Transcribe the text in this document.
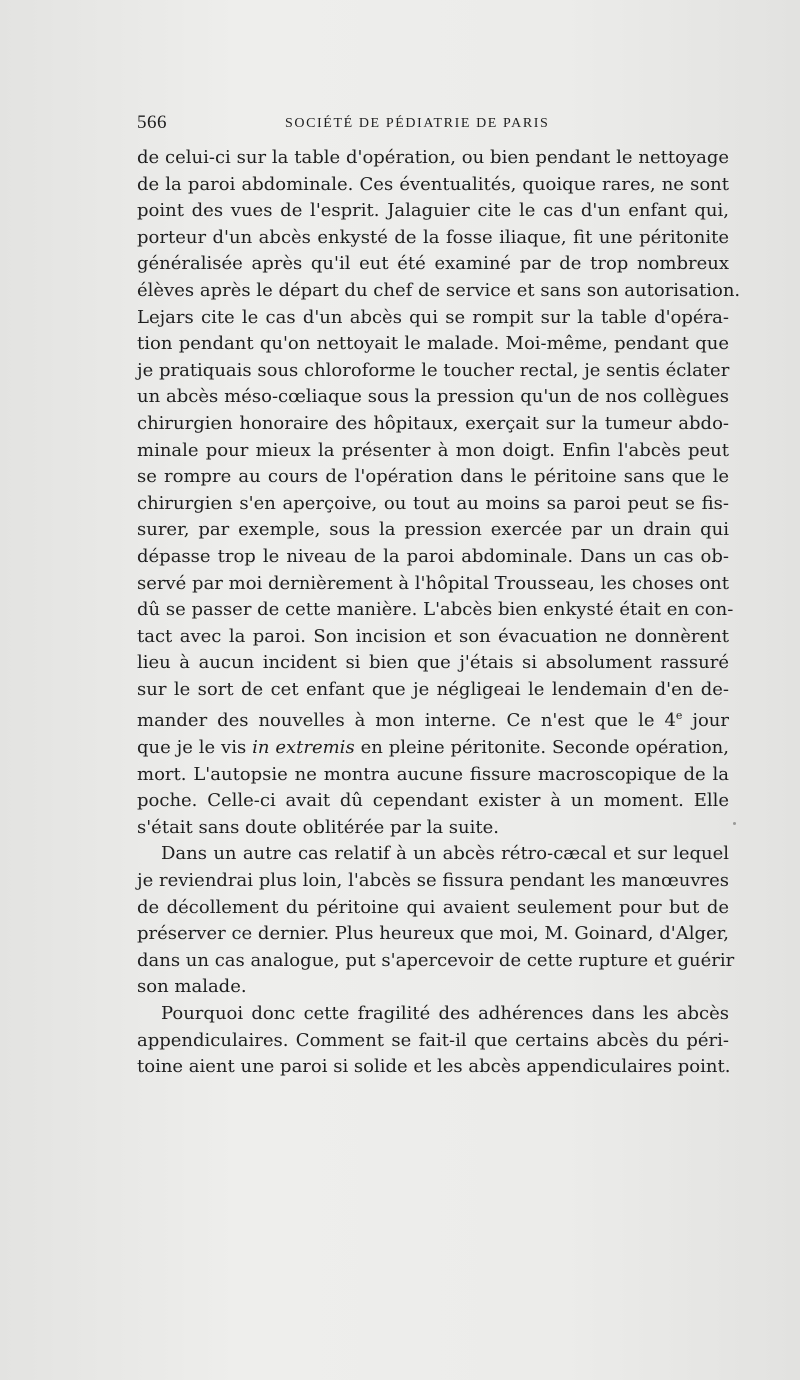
566	SOCIÉTÉ DE PÉDIATRIE DE PARIS

de celui-ci sur la table d'opération, ou bien pendant le nettoyage
de la paroi abdominale. Ces éventualités, quoique rares, ne sont
point des vues de l'esprit. Jalaguier cite le cas d'un enfant qui,
porteur d'un abcès enkysté de la fosse iliaque, fit une péritonite
généralisée après qu'il eut été examiné par de trop nombreux
élèves après le départ du chef de service et sans son autorisation.
Lejars cite le cas d'un abcès qui se rompit sur la table d'opéra-
tion pendant qu'on nettoyait le malade. Moi-même, pendant que
je pratiquais sous chloroforme le toucher rectal, je sentis éclater
un abcès méso-cœliaque sous la pression qu'un de nos collègues
chirurgien honoraire des hôpitaux, exerçait sur la tumeur abdo-
minale pour mieux la présenter à mon doigt. Enfin l'abcès peut
se rompre au cours de l'opération dans le péritoine sans que le
chirurgien s'en aperçoive, ou tout au moins sa paroi peut se fis-
surer, par exemple, sous la pression exercée par un drain qui
dépasse trop le niveau de la paroi abdominale. Dans un cas ob-
servé par moi dernièrement à l'hôpital Trousseau, les choses ont
dû se passer de cette manière. L'abcès bien enkysté était en con-
tact avec la paroi. Son incision et son évacuation ne donnèrent
lieu à aucun incident si bien que j'étais si absolument rassuré
sur le sort de cet enfant que je négligeai le lendemain d'en de-
mander des nouvelles à mon interne. Ce n'est que le 4e jour
que je le vis in extremis en pleine péritonite. Seconde opération,
mort. L'autopsie ne montra aucune fissure macroscopique de la
poche. Celle-ci avait dû cependant exister à un moment. Elle
s'était sans doute oblitérée par la suite.

Dans un autre cas relatif à un abcès rétro-cæcal et sur lequel
je reviendrai plus loin, l'abcès se fissura pendant les manœuvres
de décollement du péritoine qui avaient seulement pour but de
préserver ce dernier. Plus heureux que moi, M. Goinard, d'Alger,
dans un cas analogue, put s'apercevoir de cette rupture et guérir
son malade.

Pourquoi donc cette fragilité des adhérences dans les abcès
appendiculaires. Comment se fait-il que certains abcès du péri-
toine aient une paroi si solide et les abcès appendiculaires point.
